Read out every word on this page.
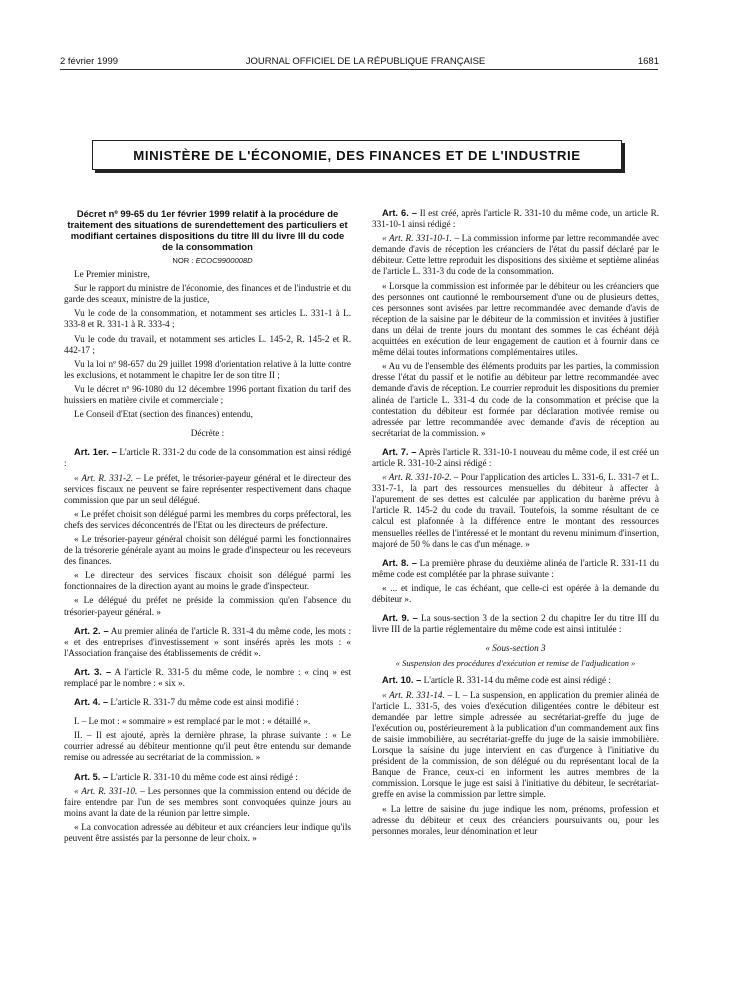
2 février 1999	JOURNAL OFFICIEL DE LA RÉPUBLIQUE FRANÇAISE	1681
MINISTÈRE DE L'ÉCONOMIE, DES FINANCES ET DE L'INDUSTRIE

Décret nº 99-65 du 1er février 1999 relatif à la procédure de traitement des situations de surendettement des particuliers et modifiant certaines dispositions du titre III du livre III du code de la consommation

NOR : ECOC9900008D

Le Premier ministre,

Sur le rapport du ministre de l'économie, des finances et de l'industrie et du garde des sceaux, ministre de la justice,

Vu le code de la consommation, et notamment ses articles L. 331-1 à L. 333-8 et R. 331-1 à R. 333-4 ;

Vu le code du travail, et notamment ses articles L. 145-2, R. 145-2 et R. 442-17 ;

Vu la loi nº 98-657 du 29 juillet 1998 d'orientation relative à la lutte contre les exclusions, et notamment le chapitre Ier de son titre II ;

Vu le décret nº 96-1080 du 12 décembre 1996 portant fixation du tarif des huissiers en matière civile et commerciale ;

Le Conseil d'Etat (section des finances) entendu,

Décrète :

Art. 1er. – L'article R. 331-2 du code de la consommation est ainsi rédigé :

« Art. R. 331-2. – Le préfet, le trésorier-payeur général et le directeur des services fiscaux ne peuvent se faire représenter respectivement dans chaque commission que par un seul délégué.

« Le préfet choisit son délégué parmi les membres du corps préfectoral, les chefs des services déconcentrés de l'Etat ou les directeurs de préfecture.

« Le trésorier-payeur général choisit son délégué parmi les fonctionnaires de la trésorerie générale ayant au moins le grade d'inspecteur ou les receveurs des finances.

« Le directeur des services fiscaux choisit son délégué parmi les fonctionnaires de la direction ayant au moins le grade d'inspecteur.

« Le délégué du préfet ne préside la commission qu'en l'absence du trésorier-payeur général. »

Art. 2. – Au premier alinéa de l'article R. 331-4 du même code, les mots : « et des entreprises d'investissement » sont insérés après les mots : « l'Association française des établissements de crédit ».

Art. 3. – A l'article R. 331-5 du même code, le nombre : « cinq » est remplacé par le nombre : « six ».

Art. 4. – L'article R. 331-7 du même code est ainsi modifié :

I. – Le mot : « sommaire » est remplacé par le mot : « détaillé ».

II. – Il est ajouté, après la dernière phrase, la phrase suivante : « Le courrier adressé au débiteur mentionne qu'il peut être entendu sur demande remise ou adressée au secrétariat de la commission. »

Art. 5. – L'article R. 331-10 du même code est ainsi rédigé :

« Art. R. 331-10. – Les personnes que la commission entend ou décide de faire entendre par l'un de ses membres sont convoquées quinze jours au moins avant la date de la réunion par lettre simple.

« La convocation adressée au débiteur et aux créanciers leur indique qu'ils peuvent être assistés par la personne de leur choix. »

Art. 6. – Il est créé, après l'article R. 331-10 du même code, un article R. 331-10-1 ainsi rédigé :

« Art. R. 331-10-1. – La commission informe par lettre recommandée avec demande d'avis de réception les créanciers de l'état du passif déclaré par le débiteur. Cette lettre reproduit les dispositions des sixième et septième alinéas de l'article L. 331-3 du code de la consommation.

« Lorsque la commission est informée par le débiteur ou les créanciers que des personnes ont cautionné le remboursement d'une ou de plusieurs dettes, ces personnes sont avisées par lettre recommandée avec demande d'avis de réception de la saisine par le débiteur de la commission et invitées à justifier dans un délai de trente jours du montant des sommes le cas échéant déjà acquittées en exécution de leur engagement de caution et à fournir dans ce même délai toutes informations complémentaires utiles.

« Au vu de l'ensemble des éléments produits par les parties, la commission dresse l'état du passif et le notifie au débiteur par lettre recommandée avec demande d'avis de réception. Le courrier reproduit les dispositions du premier alinéa de l'article L. 331-4 du code de la consommation et précise que la contestation du débiteur est formée par déclaration motivée remise ou adressée par lettre recommandée avec demande d'avis de réception au secrétariat de la commission. »

Art. 7. – Après l'article R. 331-10-1 nouveau du même code, il est créé un article R. 331-10-2 ainsi rédigé :

« Art. R. 331-10-2. – Pour l'application des articles L. 331-6, L. 331-7 et L. 331-7-1, la part des ressources mensuelles du débiteur à affecter à l'apurement de ses dettes est calculée par application du barème prévu à l'article R. 145-2 du code du travail. Toutefois, la somme résultant de ce calcul est plafonnée à la différence entre le montant des ressources mensuelles réelles de l'intéressé et le montant du revenu minimum d'insertion, majoré de 50 % dans le cas d'un ménage. »

Art. 8. – La première phrase du deuxième alinéa de l'article R. 331-11 du même code est complétée par la phrase suivante :

« ... et indique, le cas échéant, que celle-ci est opérée à la demande du débiteur ».

Art. 9. – La sous-section 3 de la section 2 du chapitre Ier du titre III du livre III de la partie réglementaire du même code est ainsi intitulée :

« Sous-section 3

« Suspension des procédures d'exécution et remise de l'adjudication »

Art. 10. – L'article R. 331-14 du même code est ainsi rédigé :

« Art. R. 331-14. – I. – La suspension, en application du premier alinéa de l'article L. 331-5, des voies d'exécution diligentées contre le débiteur est demandée par lettre simple adressée au secrétariat-greffe du juge de l'exécution ou, postérieurement à la publication d'un commandement aux fins de saisie immobilière, au secrétariat-greffe du juge de la saisie immobilière. Lorsque la saisine du juge intervient en cas d'urgence à l'initiative du président de la commission, de son délégué ou du représentant local de la Banque de France, ceux-ci en informent les autres membres de la commission. Lorsque le juge est saisi à l'initiative du débiteur, le secrétariat-greffe en avise la commission par lettre simple.

« La lettre de saisine du juge indique les nom, prénoms, profession et adresse du débiteur et ceux des créanciers poursuivants ou, pour les personnes morales, leur dénomination et leur
